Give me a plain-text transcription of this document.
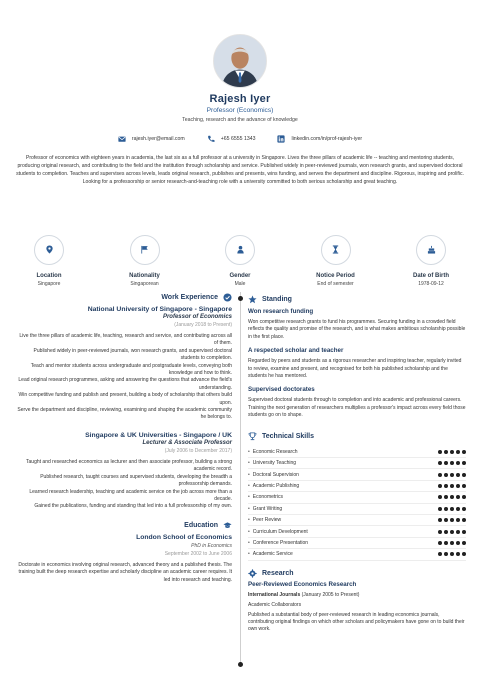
Rajesh Iyer
Professor (Economics)
Teaching, research and the advance of knowledge
rajesh.iyer@email.com	+65 6555 1343	linkedin.com/in/prof-rajesh-iyer
Professor of economics with eighteen years in academia, the last six as a full professor at a university in Singapore. Lives the three pillars of academic life -- teaching and mentoring students, producing original research, and contributing to the field and the institution through scholarship and service. Published widely in peer-reviewed journals, won research grants, and supervised doctoral students to completion. Teaches and supervises across levels, leads original research, publishes and presents, wins funding, and serves the department and discipline. Rigorous, inspiring and prolific. Looking for a professorship or senior research-and-teaching role with a university committed to both serious scholarship and great teaching.
Location
Singapore
Nationality
Singaporean
Gender
Male
Notice Period
End of semester
Date of Birth
1978-09-12
Work Experience
National University of Singapore - Singapore
Professor of Economics
(January 2018 to Present)
Live the three pillars of academic life, teaching, research and service, and contributing across all of them.
Published widely in peer-reviewed journals, won research grants, and supervised doctoral students to completion.
Teach and mentor students across undergraduate and postgraduate levels, conveying both knowledge and how to think.
Lead original research programmes, asking and answering the questions that advance the field's understanding.
Win competitive funding and publish and present, building a body of scholarship that others build upon.
Serve the department and discipline, reviewing, examining and shaping the academic community he belongs to.
Singapore & UK Universities - Singapore / UK
Lecturer & Associate Professor
(July 2006 to December 2017)
Taught and researched economics as lecturer and then associate professor, building a strong academic record.
Published research, taught courses and supervised students, developing the breadth a professorship demands.
Learned research leadership, teaching and academic service on the job across more than a decade.
Gained the publications, funding and standing that led into a full professorship of my own.
Education
London School of Economics
PhD in Economics
September 2002 to June 2006
Doctorate in economics involving original research, advanced theory and a published thesis. The training built the deep research expertise and scholarly discipline an academic career requires. It led into research and teaching.
Standing
Won research funding
Won competitive research grants to fund his programmes. Securing funding in a crowded field reflects the quality and promise of the research, and is what makes ambitious scholarship possible in the first place.
A respected scholar and teacher
Regarded by peers and students as a rigorous researcher and inspiring teacher, regularly invited to review, examine and present, and recognised for both his published scholarship and the students he has mentored.
Supervised doctorates
Supervised doctoral students through to completion and into academic and professional careers. Training the next generation of researchers multiplies a professor's impact across every field those students go on to shape.
Technical Skills
• Economic Research
• University Teaching
• Doctoral Supervision
• Academic Publishing
• Econometrics
• Grant Writing
• Peer Review
• Curriculum Development
• Conference Presentation
• Academic Service
Research
Peer-Reviewed Economics Research
International Journals (January 2005 to Present)
Academic Collaborators
Published a substantial body of peer-reviewed research in leading economics journals, contributing original findings on which other scholars and policymakers have gone on to build their own work.
